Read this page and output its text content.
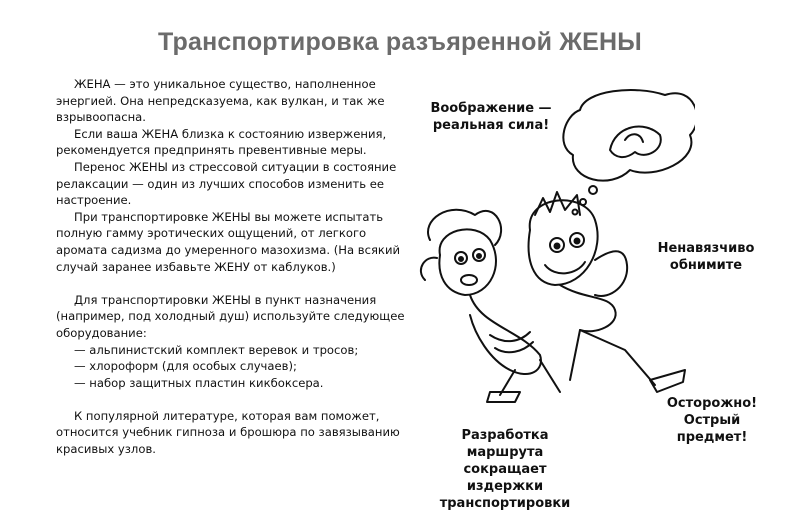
Транспортировка разъяренной ЖЕНЫ

ЖЕНА — это уникальное существо, наполненное энергией. Она непредсказуема, как вулкан, и так же взрывоопасна.

Если ваша ЖЕНА близка к состоянию извержения, рекомендуется предпринять превентивные меры.

Перенос ЖЕНЫ из стрессовой ситуации в состояние релаксации — один из лучших способов изменить ее настроение.

При транспортировке ЖЕНЫ вы можете испытать полную гамму эротических ощущений, от легкого аромата садизма до умеренного мазохизма. (На всякий случай заранее избавьте ЖЕНУ от каблуков.)

Для транспортировки ЖЕНЫ в пункт назначения (например, под холодный душ) используйте следующее оборудование:

— альпинистский комплект веревок и тросов;
— хлороформ (для особых случаев);
— набор защитных пластин кикбоксера.

К популярной литературе, которая вам поможет, относится учебник гипноза и брошюра по завязыванию красивых узлов.

Воображение — реальная сила!
Ненавязчиво обнимите
Осторожно! Острый предмет!
Разработка маршрута сокращает издержки транспортировки
